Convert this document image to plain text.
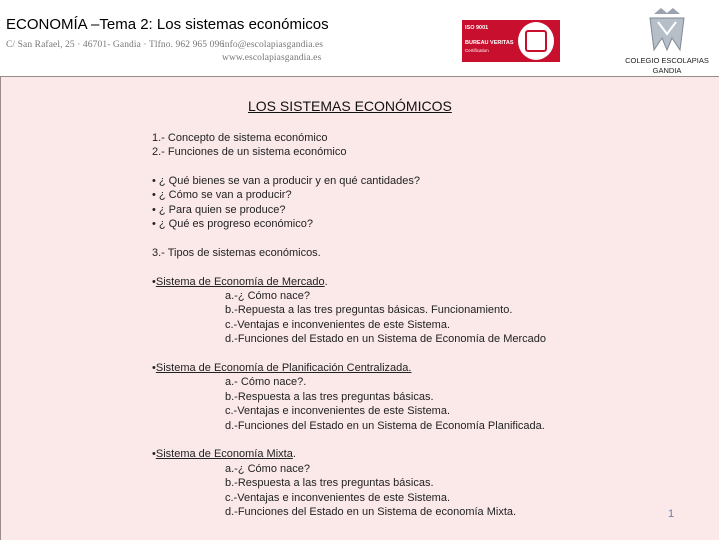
ECONOMÍA –Tema 2: Los sistemas económicos
C/ San Rafael, 25 · 46701- Gandia · Tlfno. 962 965 096
info@escolapiasgandia.es
www.escolapiasgandia.es
ISO 9001
BUREAU VERITAS
Certification
COLEGIO ESCOLAPIAS
GANDIA
LOS SISTEMAS ECONÓMICOS
1.- Concepto de sistema económico
2.- Funciones de un sistema económico
• ¿ Qué bienes se van a producir y en qué cantidades?
• ¿ Cómo se van a producir?
• ¿ Para quien se produce?
• ¿ Qué es progreso económico?
3.- Tipos de sistemas económicos.
•Sistema de Economía de Mercado.
a.-¿ Cómo nace?
b.-Repuesta a las tres preguntas básicas. Funcionamiento.
c.-Ventajas e inconvenientes de este Sistema.
d.-Funciones del Estado en un Sistema de Economía de Mercado
•Sistema de Economía de Planificación Centralizada.
a.- Cómo nace?.
b.-Respuesta a las tres preguntas básicas.
c.-Ventajas e inconvenientes de este Sistema.
d.-Funciones del Estado en un Sistema de Economía Planificada.
•Sistema de Economía Mixta.
a.-¿ Cómo nace?
b.-Respuesta a las tres preguntas básicas.
c.-Ventajas e inconvenientes de este Sistema.
d.-Funciones del Estado en un Sistema de economía Mixta.	1
